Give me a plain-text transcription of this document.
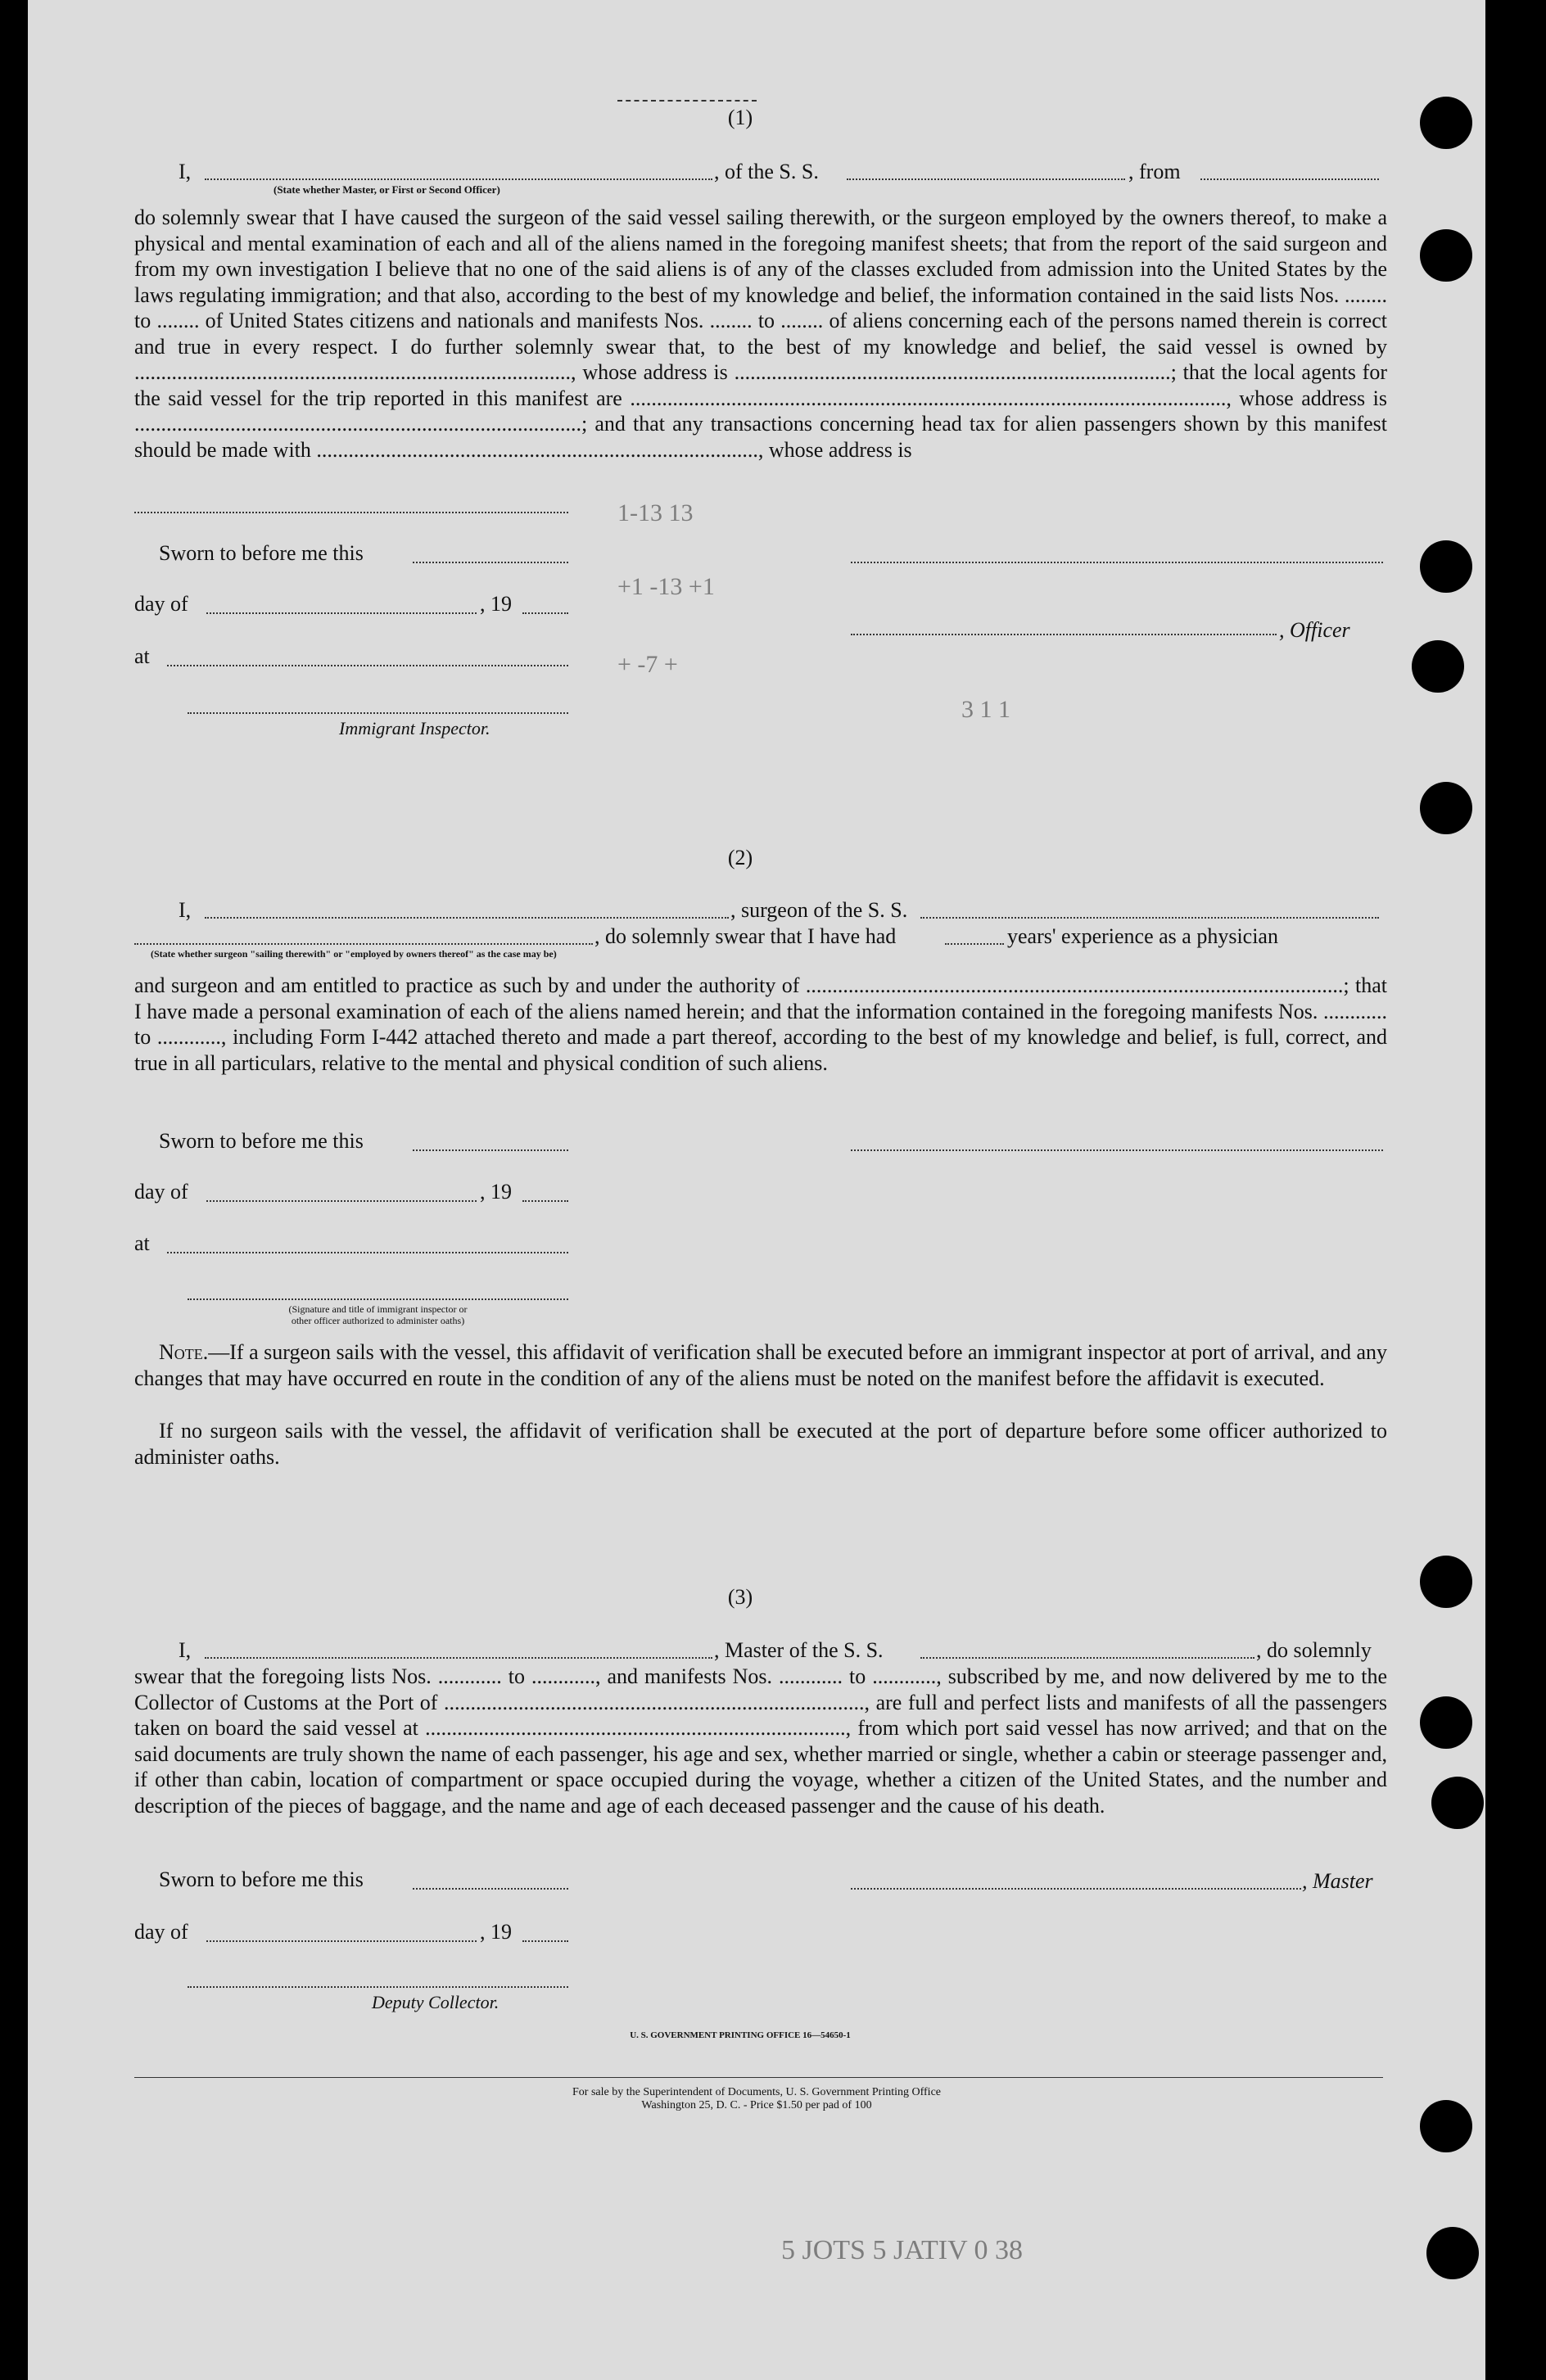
1-13 13
+1 -13 +1
+ -7 +
3 1 1
5 JOTS 5 JATIV 0 38
(1)
I,	, of the S. S.	, from
(State whether Master, or First or Second Officer)
do solemnly swear that I have caused the surgeon of the said vessel sailing therewith, or the surgeon employed by the owners thereof, to make a physical and mental examination of each and all of the aliens named in the foregoing manifest sheets; that from the report of the said surgeon and from my own investigation I believe that no one of the said aliens is of any of the classes excluded from admission into the United States by the laws regulating immigration; and that also, according to the best of my knowledge and belief, the information contained in the said lists Nos. ........ to ........ of United States citizens and nationals and manifests Nos. ........ to ........ of aliens concerning each of the persons named therein is correct and true in every respect. I do further solemnly swear that, to the best of my knowledge and belief, the said vessel is owned by .................................................................................., whose address is ..................................................................................; that the local agents for the said vessel for the trip reported in this manifest are ................................................................................................................, whose address is ....................................................................................; and that any transactions concerning head tax for alien passengers shown by this manifest should be made with ..................................................................................., whose address is
Sworn to before me this
day of	, 19
, Officer
at
Immigrant Inspector.
(2)
I,	, surgeon of the S. S.
, do solemnly swear that I have had	years' experience as a physician
(State whether surgeon "sailing therewith" or "employed by owners thereof" as the case may be)
and surgeon and am entitled to practice as such by and under the authority of .....................................................................................................; that I have made a personal examination of each of the aliens named herein; and that the information contained in the foregoing manifests Nos. ............ to ............, including Form I-442 attached thereto and made a part thereof, according to the best of my knowledge and belief, is full, correct, and true in all particulars, relative to the mental and physical condition of such aliens.
Sworn to before me this
day of	, 19
at
(Signature and title of immigrant inspector or
other officer authorized to administer oaths)
Note.—If a surgeon sails with the vessel, this affidavit of verification shall be executed before an immigrant inspector at port of arrival, and any changes that may have occurred en route in the condition of any of the aliens must be noted on the manifest before the affidavit is executed.
If no surgeon sails with the vessel, the affidavit of verification shall be executed at the port of departure before some officer authorized to administer oaths.
(3)
I,	, Master of the S. S.	, do solemnly
swear that the foregoing lists Nos. ............ to ............, and manifests Nos. ............ to ............, subscribed by me, and now delivered by me to the Collector of Customs at the Port of ..............................................................................., are full and perfect lists and manifests of all the passengers taken on board the said vessel at ..............................................................................., from which port said vessel has now arrived; and that on the said documents are truly shown the name of each passenger, his age and sex, whether married or single, whether a cabin or steerage passenger and, if other than cabin, location of compartment or space occupied during the voyage, whether a citizen of the United States, and the number and description of the pieces of baggage, and the name and age of each deceased passenger and the cause of his death.
Sworn to before me this	, Master
day of	, 19
Deputy Collector.
U. S. GOVERNMENT PRINTING OFFICE 16—54650-1
For sale by the Superintendent of Documents, U. S. Government Printing Office
Washington 25, D. C. - Price $1.50 per pad of 100
